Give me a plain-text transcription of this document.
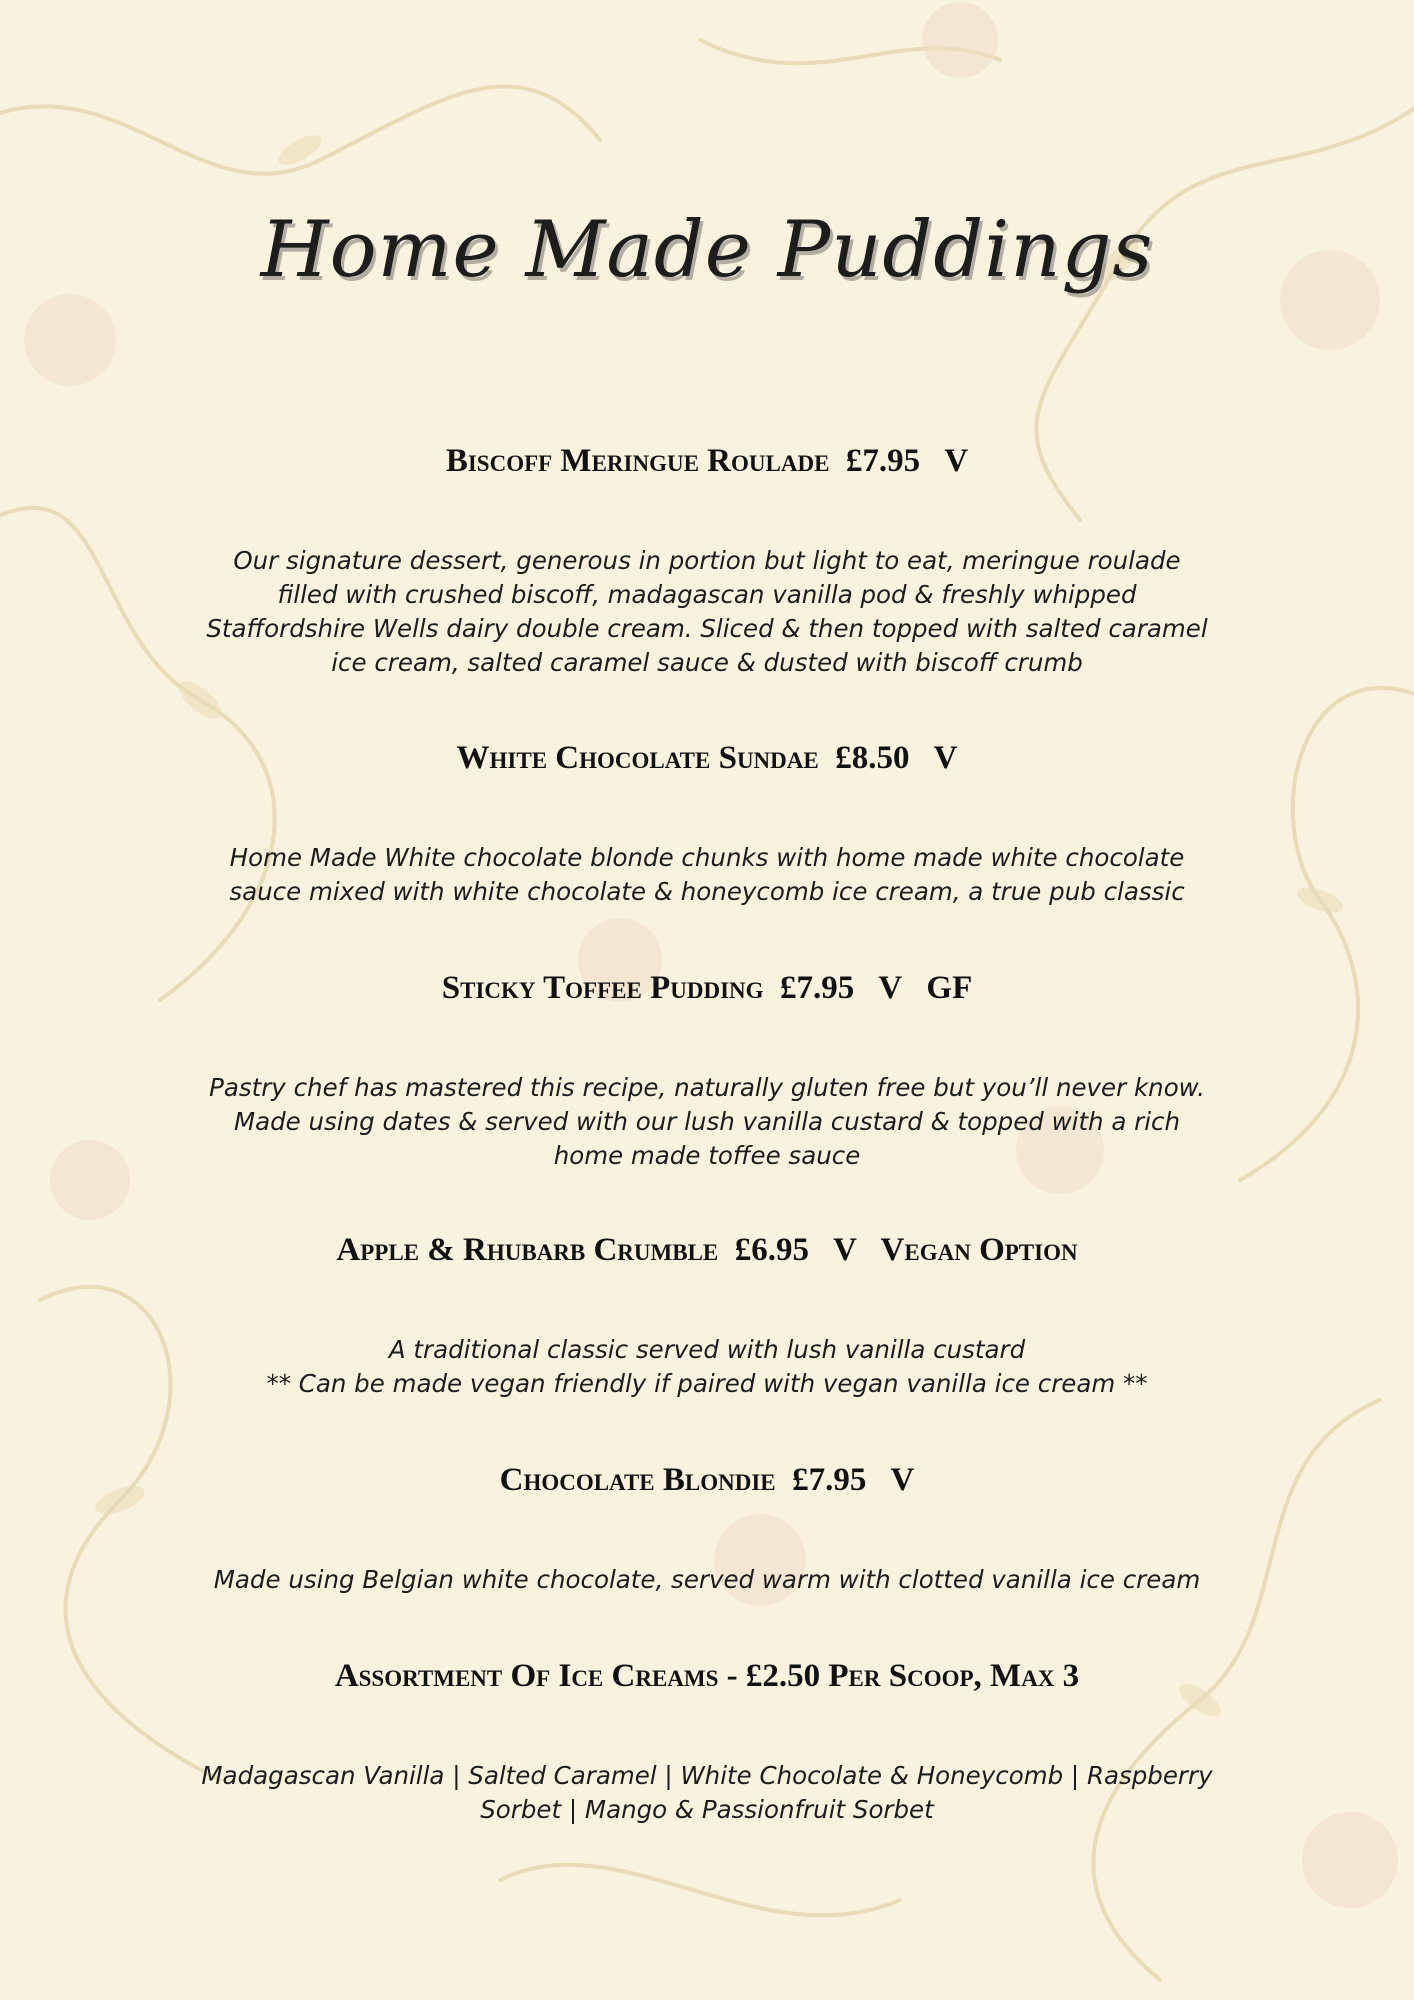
Home Made Puddings
Biscoff Meringue Roulade  £7.95   V
Our signature dessert, generous in portion but light to eat, meringue roulade
filled with crushed biscoff, madagascan vanilla pod & freshly whipped
Staffordshire Wells dairy double cream. Sliced & then topped with salted caramel
ice cream, salted caramel sauce & dusted with biscoff crumb
White Chocolate Sundae  £8.50   V
Home Made White chocolate blonde chunks with home made white chocolate
sauce mixed with white chocolate & honeycomb ice cream, a true pub classic
Sticky Toffee Pudding  £7.95   V   GF
Pastry chef has mastered this recipe, naturally gluten free but you’ll never know.
Made using dates & served with our lush vanilla custard & topped with a rich
home made toffee sauce
Apple & Rhubarb Crumble  £6.95   V   Vegan Option
A traditional classic served with lush vanilla custard
** Can be made vegan friendly if paired with vegan vanilla ice cream **
Chocolate Blondie  £7.95   V
Made using Belgian white chocolate, served warm with clotted vanilla ice cream
Assortment Of Ice Creams - £2.50 Per Scoop, Max 3
Madagascan Vanilla | Salted Caramel | White Chocolate & Honeycomb | Raspberry
Sorbet | Mango & Passionfruit Sorbet
